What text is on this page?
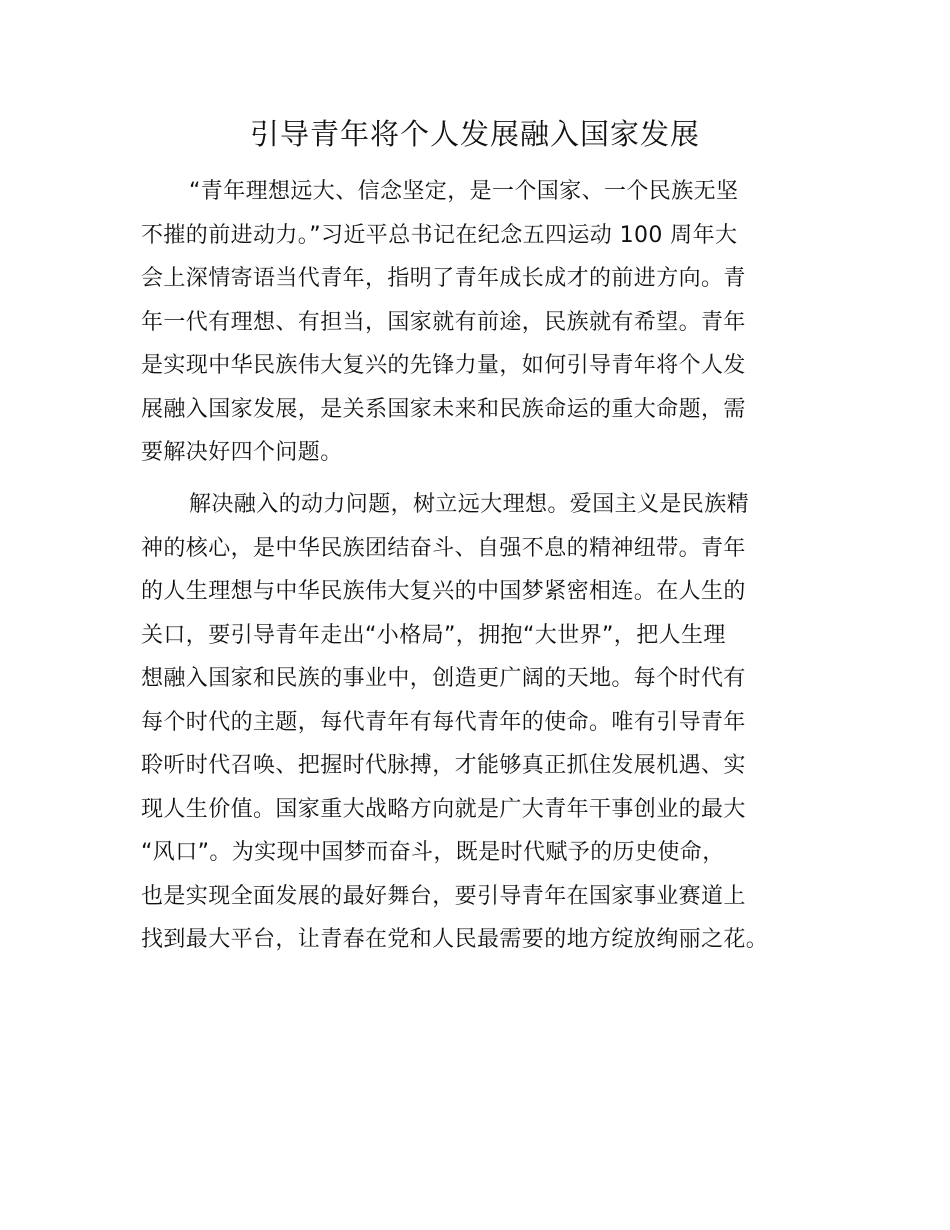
引导青年将个人发展融入国家发展
“青年理想远大、信念坚定，是一个国家、一个民族无坚
不摧的前进动力。”习近平总书记在纪念五四运动 100 周年大
会上深情寄语当代青年，指明了青年成长成才的前进方向。青
年一代有理想、有担当，国家就有前途，民族就有希望。青年
是实现中华民族伟大复兴的先锋力量，如何引导青年将个人发
展融入国家发展，是关系国家未来和民族命运的重大命题，需
要解决好四个问题。
解决融入的动力问题，树立远大理想。爱国主义是民族精
神的核心，是中华民族团结奋斗、自强不息的精神纽带。青年
的人生理想与中华民族伟大复兴的中国梦紧密相连。在人生的
关口，要引导青年走出“小格局”，拥抱“大世界”，把人生理
想融入国家和民族的事业中，创造更广阔的天地。每个时代有
每个时代的主题，每代青年有每代青年的使命。唯有引导青年
聆听时代召唤、把握时代脉搏，才能够真正抓住发展机遇、实
现人生价值。国家重大战略方向就是广大青年干事创业的最大
“风口”。为实现中国梦而奋斗，既是时代赋予的历史使命，
也是实现全面发展的最好舞台，要引导青年在国家事业赛道上
找到最大平台，让青春在党和人民最需要的地方绽放绚丽之花。
